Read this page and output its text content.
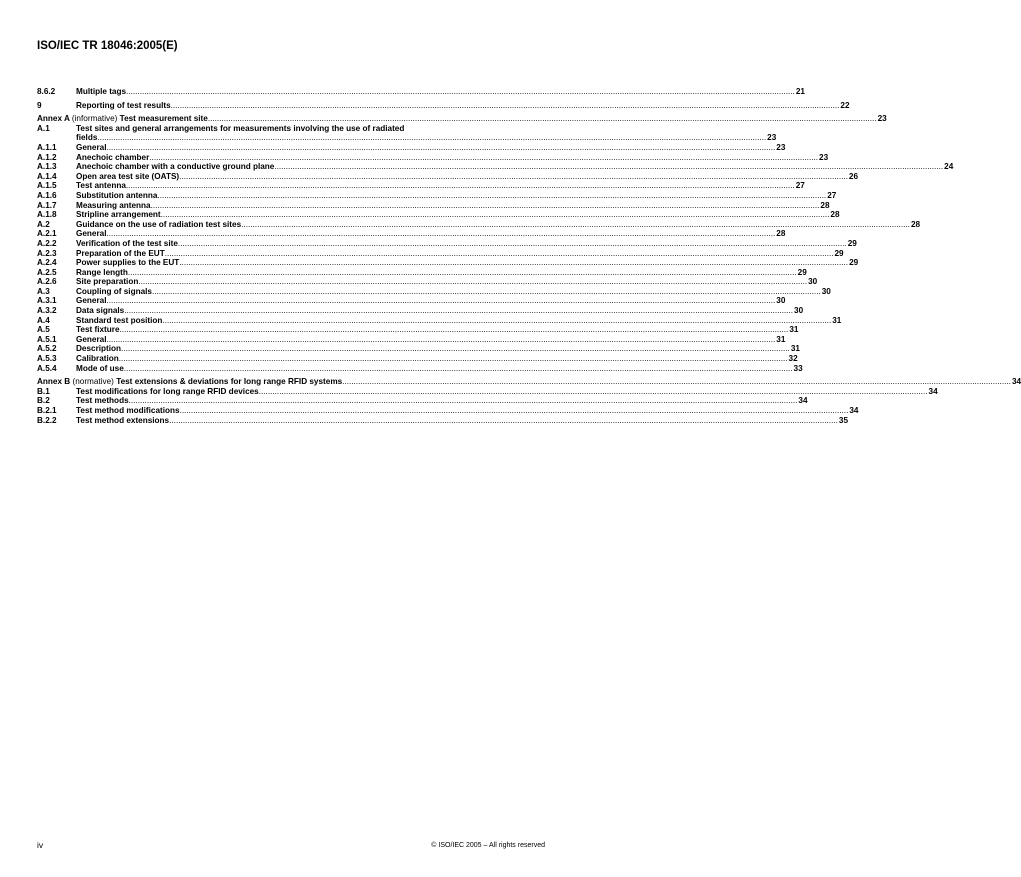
ISO/IEC TR 18046:2005(E)
8.6.2	Multiple tags .....	21
9	Reporting of test results .....	22
Annex A (informative) Test measurement site .....	23
A.1	Test sites and general arrangements for measurements involving the use of radiated
fields .....	23
A.1.1	General .....	23
A.1.2	Anechoic chamber .....	23
A.1.3	Anechoic chamber with a conductive ground plane .....	24
A.1.4	Open area test site (OATS) .....	26
A.1.5	Test antenna .....	27
A.1.6	Substitution antenna .....	27
A.1.7	Measuring antenna .....	28
A.1.8	Stripline arrangement .....	28
A.2	Guidance on the use of radiation test sites .....	28
A.2.1	General .....	28
A.2.2	Verification of the test site .....	29
A.2.3	Preparation of the EUT .....	29
A.2.4	Power supplies to the EUT .....	29
A.2.5	Range length .....	29
A.2.6	Site preparation .....	30
A.3	Coupling of signals .....	30
A.3.1	General .....	30
A.3.2	Data signals .....	30
A.4	Standard test position .....	31
A.5	Test fixture .....	31
A.5.1	General .....	31
A.5.2	Description .....	31
A.5.3	Calibration .....	32
A.5.4	Mode of use .....	33
Annex B (normative) Test extensions & deviations for long range RFID systems .....	34
B.1	Test modifications for long range RFID devices .....	34
B.2	Test methods .....	34
B.2.1	Test method modifications .....	34
B.2.2	Test method extensions .....	35
iv	© ISO/IEC 2005 – All rights reserved
